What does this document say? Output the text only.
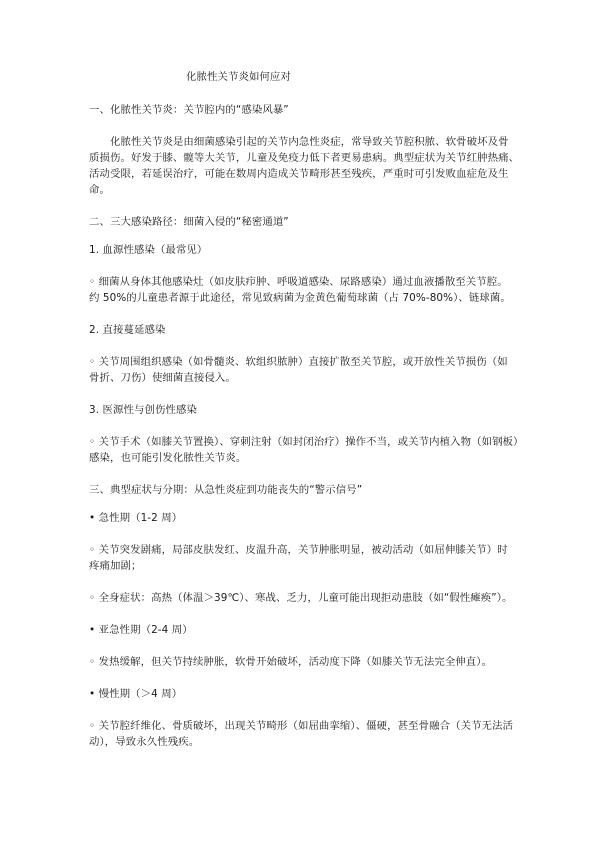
化脓性关节炎如何应对
一、化脓性关节炎：关节腔内的“感染风暴”
化脓性关节炎是由细菌感染引起的关节内急性炎症，常导致关节腔积脓、软骨破坏及骨
质损伤。好发于膝、髋等大关节，儿童及免疫力低下者更易患病。典型症状为关节红肿热痛、
活动受限，若延误治疗，可能在数周内造成关节畸形甚至残疾，严重时可引发败血症危及生
命。
二、三大感染路径：细菌入侵的“秘密通道”
1. 血源性感染（最常见）
◦ 细菌从身体其他感染灶（如皮肤疖肿、呼吸道感染、尿路感染）通过血液播散至关节腔。
约 50%的儿童患者源于此途径，常见致病菌为金黄色葡萄球菌（占 70%-80%）、链球菌。
2. 直接蔓延感染
◦ 关节周围组织感染（如骨髓炎、软组织脓肿）直接扩散至关节腔，或开放性关节损伤（如
骨折、刀伤）使细菌直接侵入。
3. 医源性与创伤性感染
◦ 关节手术（如膝关节置换）、穿刺注射（如封闭治疗）操作不当，或关节内植入物（如钢板）
感染，也可能引发化脓性关节炎。
三、典型症状与分期：从急性炎症到功能丧失的“警示信号”
• 急性期（1-2 周）
◦ 关节突发剧痛，局部皮肤发红、皮温升高，关节肿胀明显，被动活动（如屈伸膝关节）时
疼痛加剧；
◦ 全身症状：高热（体温＞39℃）、寒战、乏力，儿童可能出现拒动患肢（如“假性瘫痪”）。
• 亚急性期（2-4 周）
◦ 发热缓解，但关节持续肿胀，软骨开始破坏，活动度下降（如膝关节无法完全伸直）。
• 慢性期（＞4 周）
◦ 关节腔纤维化、骨质破坏，出现关节畸形（如屈曲挛缩）、僵硬，甚至骨融合（关节无法活
动），导致永久性残疾。
